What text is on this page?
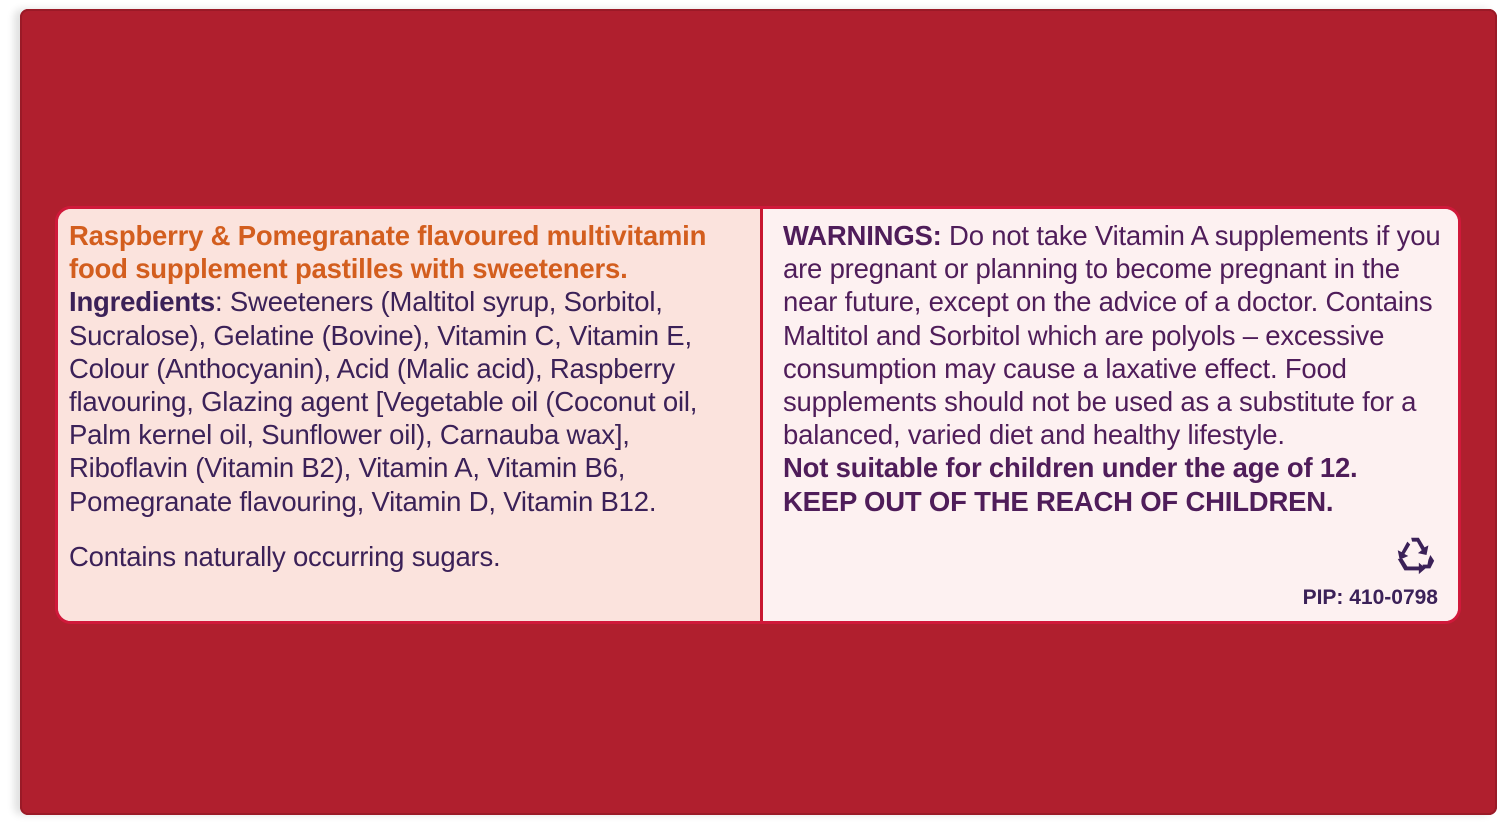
Raspberry & Pomegranate flavoured multivitamin food supplement pastilles with sweeteners.
Ingredients: Sweeteners (Maltitol syrup, Sorbitol, Sucralose), Gelatine (Bovine), Vitamin C, Vitamin E, Colour (Anthocyanin), Acid (Malic acid), Raspberry flavouring, Glazing agent [Vegetable oil (Coconut oil, Palm kernel oil, Sunflower oil), Carnauba wax], Riboflavin (Vitamin B2), Vitamin A, Vitamin B6, Pomegranate flavouring, Vitamin D, Vitamin B12.
Contains naturally occurring sugars.
WARNINGS: Do not take Vitamin A supplements if you are pregnant or planning to become pregnant in the near future, except on the advice of a doctor. Contains Maltitol and Sorbitol which are polyols – excessive consumption may cause a laxative effect. Food supplements should not be used as a substitute for a balanced, varied diet and healthy lifestyle.
Not suitable for children under the age of 12.
KEEP OUT OF THE REACH OF CHILDREN.
PIP: 410-0798
